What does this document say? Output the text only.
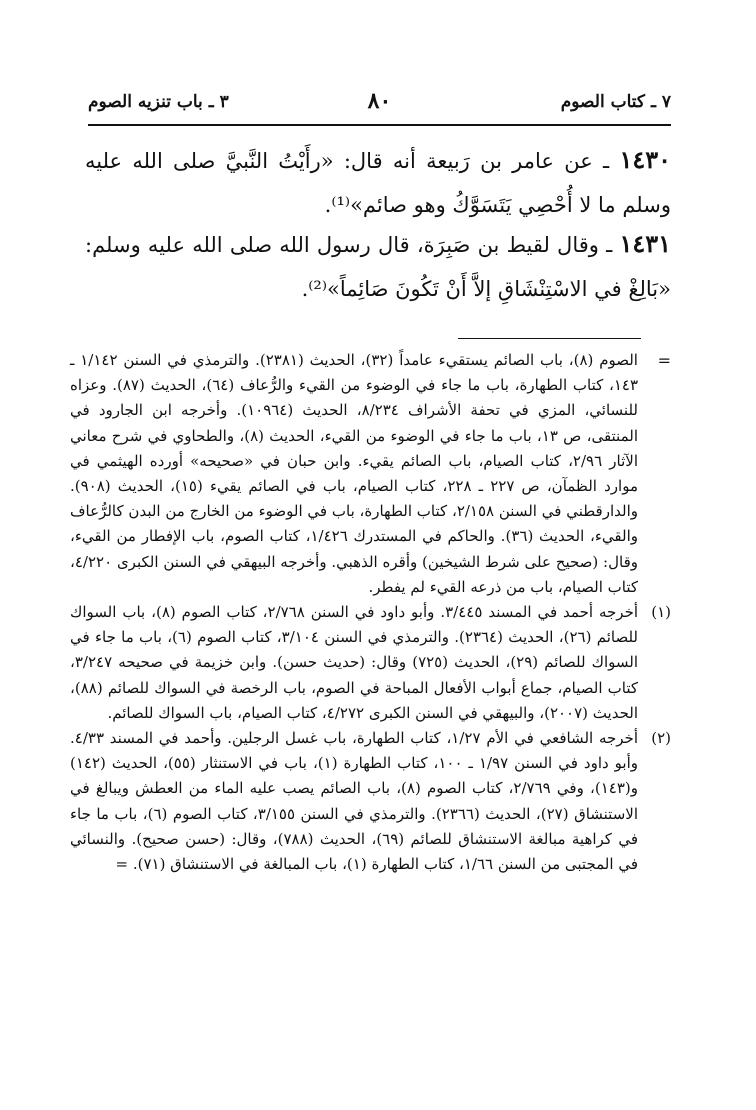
٧ ـ كتاب الصوم
٨٠
٣ ـ باب تنزيه الصوم

١٤٣٠ ـ عن عامر بن رَبيعة أنه قال: «رأَيْتُ النَّبيَّ صلى الله عليه وسلم ما لا أُحْصِي يَتَسَوَّكُ وهو صائم»⁽¹⁾.

١٤٣١ ـ وقال لقيط بن صَبِرَة، قال رسول الله صلى الله عليه وسلم: «بَالِغْ في الاسْتِنْشَاقِ إلاَّ أَنْ تَكُونَ صَائِماً»⁽²⁾.

=
الصوم (٨)، باب الصائم يستقيء عامداً (٣٢)، الحديث (٢٣٨١). والترمذي في السنن ١/١٤٢ ـ ١٤٣، كتاب الطهارة، باب ما جاء في الوضوء من القيء والرُّعاف (٦٤)، الحديث (٨٧). وعزاه للنسائي، المزي في تحفة الأشراف ٨/٢٣٤، الحديث (١٠٩٦٤). وأخرجه ابن الجارود في المنتقى، ص ١٣، باب ما جاء في الوضوء من القيء، الحديث (٨)، والطحاوي في شرح معاني الآثار ٢/٩٦، كتاب الصيام، باب الصائم يقيء. وابن حبان في «صحيحه» أورده الهيثمي في موارد الظمآن، ص ٢٢٧ ـ ٢٢٨، كتاب الصيام، باب في الصائم يقيء (١٥)، الحديث (٩٠٨). والدارقطني في السنن ٢/١٥٨، كتاب الطهارة، باب في الوضوء من الخارج من البدن كالرُّعاف والقيء، الحديث (٣٦). والحاكم في المستدرك ١/٤٢٦، كتاب الصوم، باب الإفطار من القيء، وقال: (صحيح على شرط الشيخين) وأقره الذهبي. وأخرجه البيهقي في السنن الكبرى ٤/٢٢٠، كتاب الصيام، باب من ذرعه القيء لم يفطر.

(١)
أخرجه أحمد في المسند ٣/٤٤٥. وأبو داود في السنن ٢/٧٦٨، كتاب الصوم (٨)، باب السواك للصائم (٢٦)، الحديث (٢٣٦٤). والترمذي في السنن ٣/١٠٤، كتاب الصوم (٦)، باب ما جاء في السواك للصائم (٢٩)، الحديث (٧٢٥) وقال: (حديث حسن). وابن خزيمة في صحيحه ٣/٢٤٧، كتاب الصيام، جماع أبواب الأفعال المباحة في الصوم، باب الرخصة في السواك للصائم (٨٨)، الحديث (٢٠٠٧)، والبيهقي في السنن الكبرى ٤/٢٧٢، كتاب الصيام، باب السواك للصائم.

(٢)
أخرجه الشافعي في الأم ١/٢٧، كتاب الطهارة، باب غسل الرجلين. وأحمد في المسند ٤/٣٣. وأبو داود في السنن ١/٩٧ ـ ١٠٠، كتاب الطهارة (١)، باب في الاستنثار (٥٥)، الحديث (١٤٢) و(١٤٣)، وفي ٢/٧٦٩، كتاب الصوم (٨)، باب الصائم يصب عليه الماء من العطش ويبالغ في الاستنشاق (٢٧)، الحديث (٢٣٦٦). والترمذي في السنن ٣/١٥٥، كتاب الصوم (٦)، باب ما جاء في كراهية مبالغة الاستنشاق للصائم (٦٩)، الحديث (٧٨٨)، وقال: (حسن صحيح). والنسائي في المجتبى من السنن ١/٦٦، كتاب الطهارة (١)، باب المبالغة في الاستنشاق (٧١). =
